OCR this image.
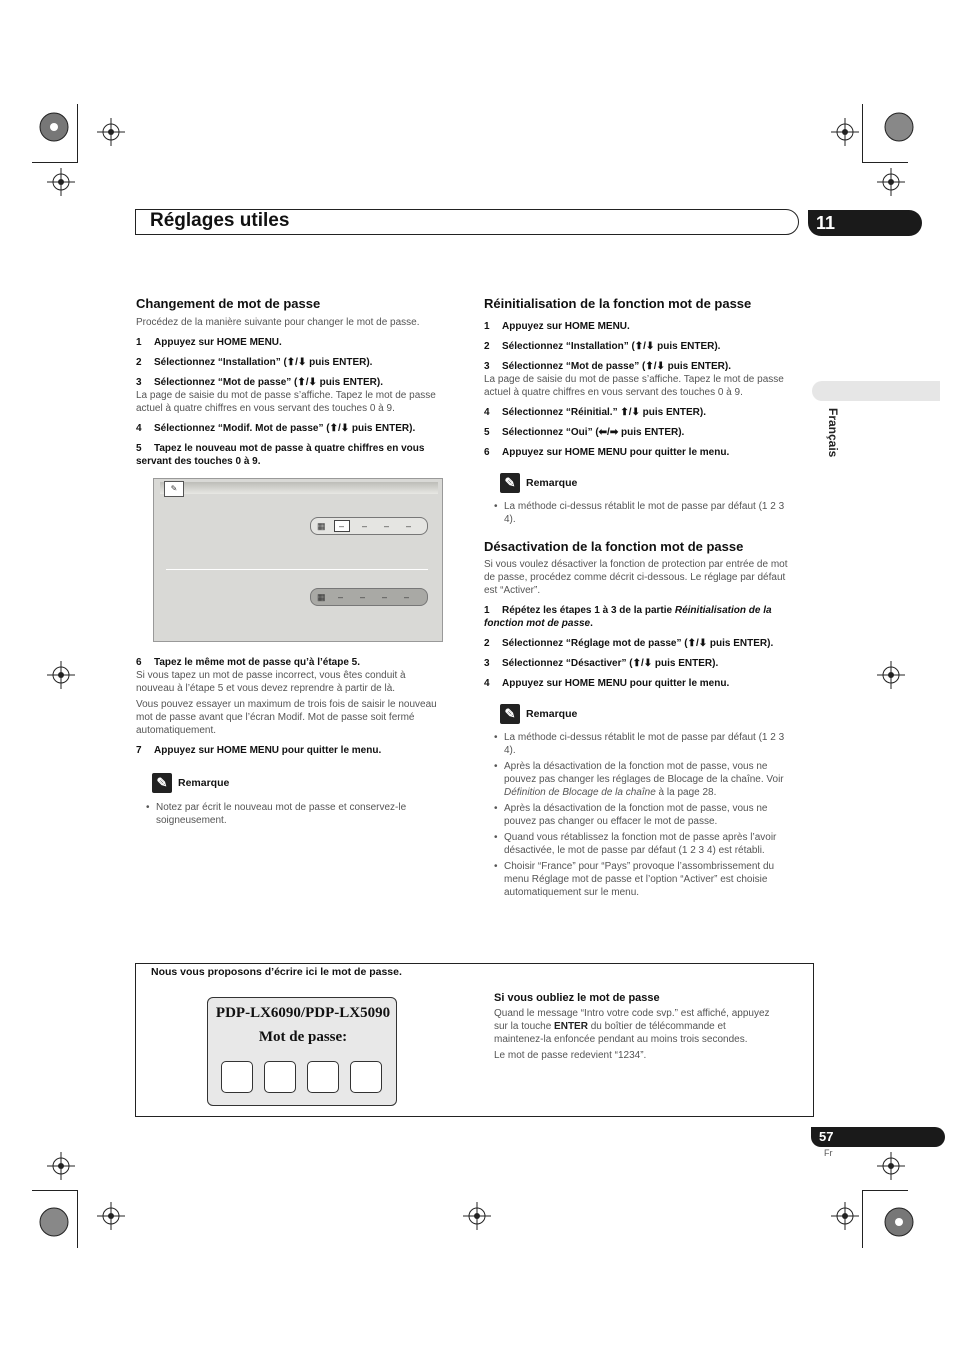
Réglages utiles	11
Français
Changement de mot de passe

Procédez de la manière suivante pour changer le mot de passe.

1 Appuyez sur HOME MENU.
2 Sélectionnez “Installation” (⬆/⬇ puis ENTER).
3 Sélectionnez “Mot de passe” (⬆/⬇ puis ENTER).

La page de saisie du mot de passe s’affiche. Tapez le mot de passe

actuel à quatre chiffres en vous servant des touches 0 à 9.

4 Sélectionnez “Modif. Mot de passe” (⬆/⬇ puis ENTER).
5 Tapez le nouveau mot de passe à quatre chiffres en vous
servant des touches 0 à 9.
✎
▦	–	–	–	–
▦	–	–	–	–
6 Tapez le même mot de passe qu’à l’étape 5.

Si vous tapez un mot de passe incorrect, vous êtes conduit à

nouveau à l’étape 5 et vous devez reprendre à partir de là.

Vous pouvez essayer un maximum de trois fois de saisir le nouveau

mot de passe avant que l’écran Modif. Mot de passe soit fermé

automatiquement.

7 Appuyez sur HOME MENU pour quitter le menu.
✎	Remarque
• Notez par écrit le nouveau mot de passe et conservez-le
soigneusement.
Réinitialisation de la fonction mot de passe
1 Appuyez sur HOME MENU.
2 Sélectionnez “Installation” (⬆/⬇ puis ENTER).
3 Sélectionnez “Mot de passe” (⬆/⬇ puis ENTER).

La page de saisie du mot de passe s’affiche. Tapez le mot de passe

actuel à quatre chiffres en vous servant des touches 0 à 9.

4 Sélectionnez “Réinitial.” ⬆/⬇ puis ENTER).
5 Sélectionnez “Oui” (⬅/➡ puis ENTER).
6 Appuyez sur HOME MENU pour quitter le menu.
✎	Remarque
• La méthode ci-dessus rétablit le mot de passe par défaut (1 2 3
4).
Désactivation de la fonction mot de passe

Si vous voulez désactiver la fonction de protection par entrée de mot

de passe, procédez comme décrit ci-dessous. Le réglage par défaut

est “Activer”.

1 Répétez les étapes 1 à 3 de la partie Réinitialisation de la
fonction mot de passe.
2 Sélectionnez “Réglage mot de passe” (⬆/⬇ puis ENTER).
3 Sélectionnez “Désactiver” (⬆/⬇ puis ENTER).
4 Appuyez sur HOME MENU pour quitter le menu.
✎	Remarque
• La méthode ci-dessus rétablit le mot de passe par défaut (1 2 3
4).
• Après la désactivation de la fonction mot de passe, vous ne
pouvez pas changer les réglages de Blocage de la chaîne. Voir
Définition de Blocage de la chaîne à la page 28.
• Après la désactivation de la fonction mot de passe, vous ne
pouvez pas changer ou effacer le mot de passe.
• Quand vous rétablissez la fonction mot de passe après l’avoir
désactivée, le mot de passe par défaut (1 2 3 4) est rétabli.
• Choisir “France” pour “Pays” provoque l’assombrissement du
menu Réglage mot de passe et l’option “Activer” est choisie
automatiquement sur le menu.
Nous vous proposons d’écrire ici le mot de passe.
PDP-LX6090/PDP-LX5090
Mot de passe:
Si vous oubliez le mot de passe

Quand le message “Intro votre code svp.” est affiché, appuyez

sur la touche ENTER du boîtier de télécommande et

maintenez-la enfoncée pendant au moins trois secondes.

Le mot de passe redevient “1234”.

57
Fr
